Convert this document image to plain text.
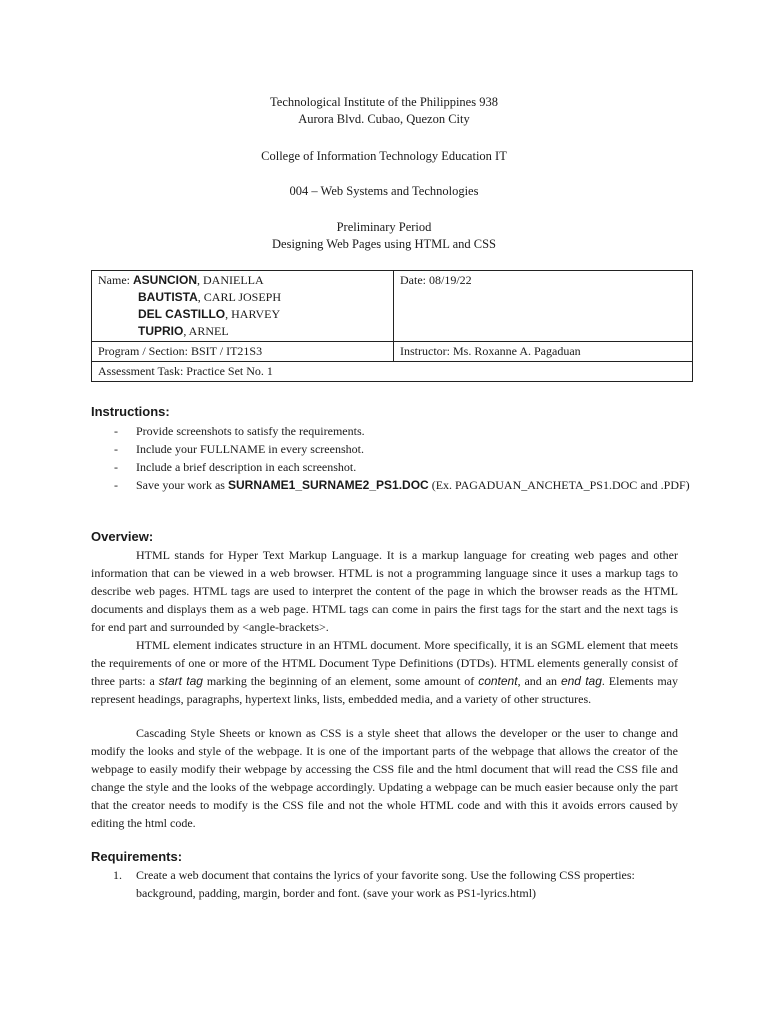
Technological Institute of the Philippines 938
Aurora Blvd. Cubao, Quezon City
College of Information Technology Education IT
004 – Web Systems and Technologies
Preliminary Period
Designing Web Pages using HTML and CSS
Name: ASUNCION, DANIELLA
BAUTISTA, CARL JOSEPH
DEL CASTILLO, HARVEY
TUPRIO, ARNEL	Date: 08/19/22
Program / Section: BSIT / IT21S3	Instructor: Ms. Roxanne A. Pagaduan
Assessment Task: Practice Set No. 1	
Instructions:
- Provide screenshots to satisfy the requirements.
- Include your FULLNAME in every screenshot.
- Include a brief description in each screenshot.
- Save your work as SURNAME1_SURNAME2_PS1.DOC (Ex. PAGADUAN_ANCHETA_PS1.DOC and .PDF)
Overview:

HTML stands for Hyper Text Markup Language. It is a markup language for creating web pages and other information that can be viewed in a web browser. HTML is not a programming language since it uses a markup tags to describe web pages. HTML tags are used to interpret the content of the page in which the browser reads as the HTML documents and displays them as a web page. HTML tags can come in pairs the first tags for the start and the next tags is for end part and surrounded by <angle-brackets>.

HTML element indicates structure in an HTML document. More specifically, it is an SGML element that meets the requirements of one or more of the HTML Document Type Definitions (DTDs). HTML elements generally consist of three parts: a start tag marking the beginning of an element, some amount of content, and an end tag. Elements may represent headings, paragraphs, hypertext links, lists, embedded media, and a variety of other structures.

Cascading Style Sheets or known as CSS is a style sheet that allows the developer or the user to change and modify the looks and style of the webpage. It is one of the important parts of the webpage that allows the creator of the webpage to easily modify their webpage by accessing the CSS file and the html document that will read the CSS file and change the style and the looks of the webpage accordingly. Updating a webpage can be much easier because only the part that the creator needs to modify is the CSS file and not the whole HTML code and with this it avoids errors caused by editing the html code.

Requirements:
1. Create a web document that contains the lyrics of your favorite song. Use the following CSS properties: background, padding, margin, border and font. (save your work as PS1-lyrics.html)
